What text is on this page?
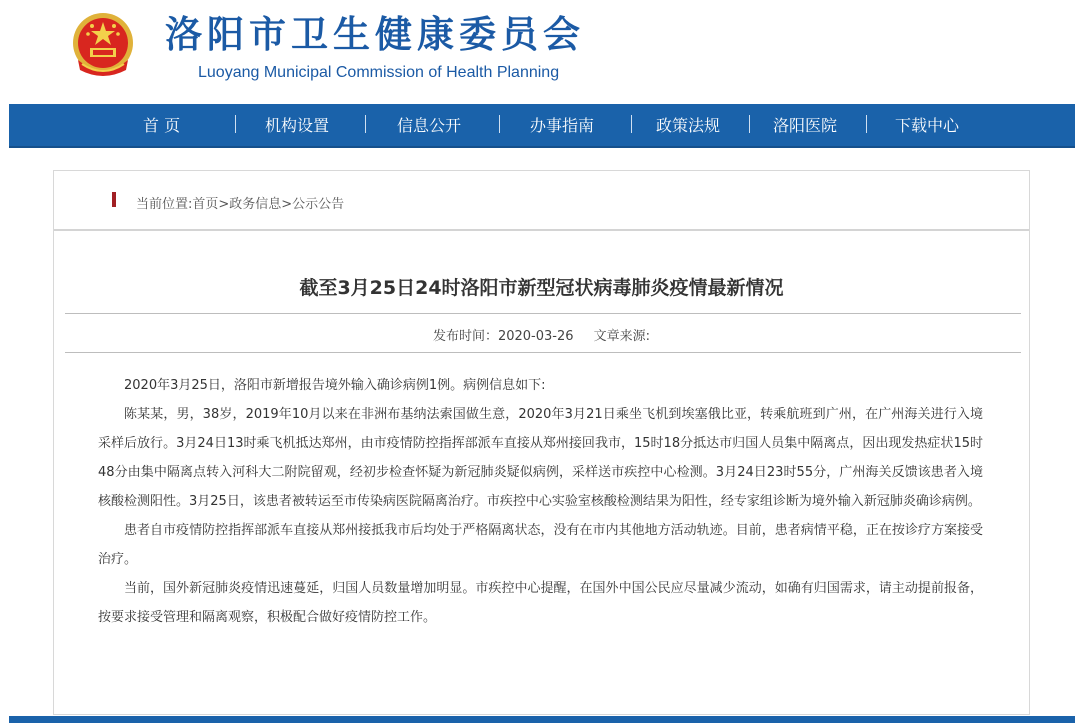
洛阳市卫生健康委员会
Luoyang Municipal Commission of Health Planning
首 页	机构设置	信息公开	办事指南	政策法规	洛阳医院	下载中心
当前位置:首页>政务信息>公示公告
截至3月25日24时洛阳市新型冠状病毒肺炎疫情最新情况
发布时间：2020-03-26 文章来源:

2020年3月25日，洛阳市新增报告境外输入确诊病例1例。病例信息如下:

陈某某，男，38岁，2019年10月以来在非洲布基纳法索国做生意，2020年3月21日乘坐飞机到埃塞俄比亚，转乘航班到广州，在广州海关进行入境采样后放行。3月24日13时乘飞机抵达郑州，由市疫情防控指挥部派车直接从郑州接回我市，15时18分抵达市归国人员集中隔离点，因出现发热症状15时48分由集中隔离点转入河科大二附院留观，经初步检查怀疑为新冠肺炎疑似病例，采样送市疾控中心检测。3月24日23时55分，广州海关反馈该患者入境核酸检测阳性。3月25日，该患者被转运至市传染病医院隔离治疗。市疾控中心实验室核酸检测结果为阳性，经专家组诊断为境外输入新冠肺炎确诊病例。

患者自市疫情防控指挥部派车直接从郑州接抵我市后均处于严格隔离状态，没有在市内其他地方活动轨迹。目前，患者病情平稳，正在按诊疗方案接受治疗。

当前，国外新冠肺炎疫情迅速蔓延，归国人员数量增加明显。市疾控中心提醒，在国外中国公民应尽量减少流动，如确有归国需求，请主动提前报备，按要求接受管理和隔离观察，积极配合做好疫情防控工作。
